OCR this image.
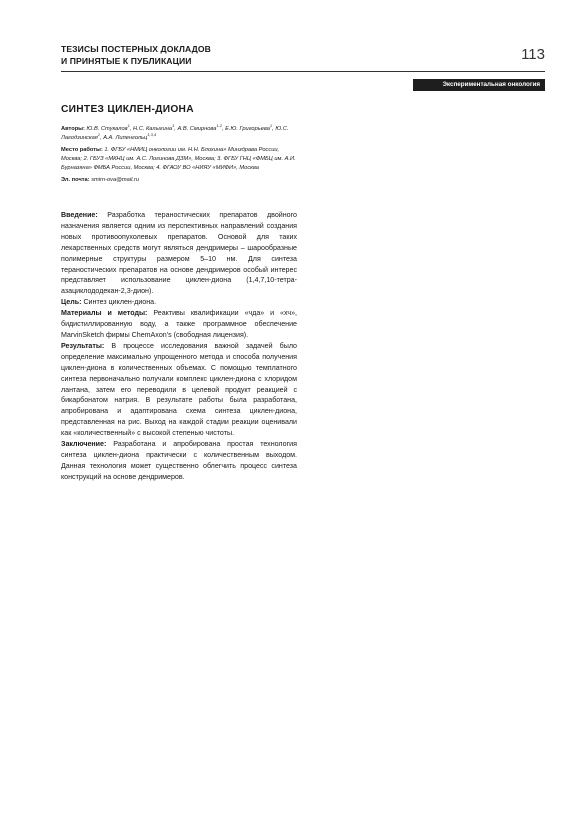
ТЕЗИСЫ ПОСТЕРНЫХ ДОКЛАДОВ
И ПРИНЯТЫЕ К ПУБЛИКАЦИИ	113
Экспериментальная онкология
СИНТЕЗ ЦИКЛЕН-ДИОНА
Авторы: Ю.В. Стукалов$^1$, Н.С. Калыгина$^1$, А.В. Смирнова$^{1,2}$, Е.Ю. Григорьева$^1$, Ю.С. Лагодзинская$^1$, А.А. Липенгольц$^{1,3,4}$
Место работы: 1. ФГБУ «НМИЦ онкологии им. Н.Н. Блохина» Минздрава России, Москва; 2. ГБУЗ «МКНЦ им. А.С. Логинова ДЗМ», Москва; 3. ФГБУ ГНЦ «ФМБЦ им. А.И. Бурназяна» ФМБА России, Москва; 4. ФГАОУ ВО «НИЯУ «МИФИ», Москва
Эл. почта: smirn-ova@mail.ru

Введение: Разработка тераностических препаратов двойного назначения является одним из перспективных направлений создания новых противоопухолевых препаратов. Основой для таких лекарственных средств могут являться дендримеры – шарообразные полимерные структуры размером 5–10 нм. Для синтеза тераностических препаратов на основе дендримеров особый интерес представляет использование циклен-диона (1,4,7,10-тетра-азациклододекан-2,3-дион).

Цель: Синтез циклен-диона.

Материалы и методы: Реактивы квалификации «чда» и «хч», бидистиллированную воду, а также программное обеспечение MarvinSketch фирмы ChemAxon's (свободная лицензия).

Результаты: В процессе исследования важной задачей было определение максимально упрощенного метода и способа получения циклен-диона в количественных объемах. С помощью темплатного синтеза первоначально получали комплекс циклен-диона с хлоридом лантана, затем его переводили в целевой продукт реакцией с бикарбонатом натрия. В результате работы была разработана, апробирована и адаптирована схема синтеза циклен-диона, представленная на рис. Выход на каждой стадии реакции оценивали как «количественный» с высокой степенью чистоты.

Заключение: Разработана и апробирована простая технология синтеза циклен-диона практически с количественным выходом. Данная технология может существенно облегчить процесс синтеза конструкций на основе дендримеров.
